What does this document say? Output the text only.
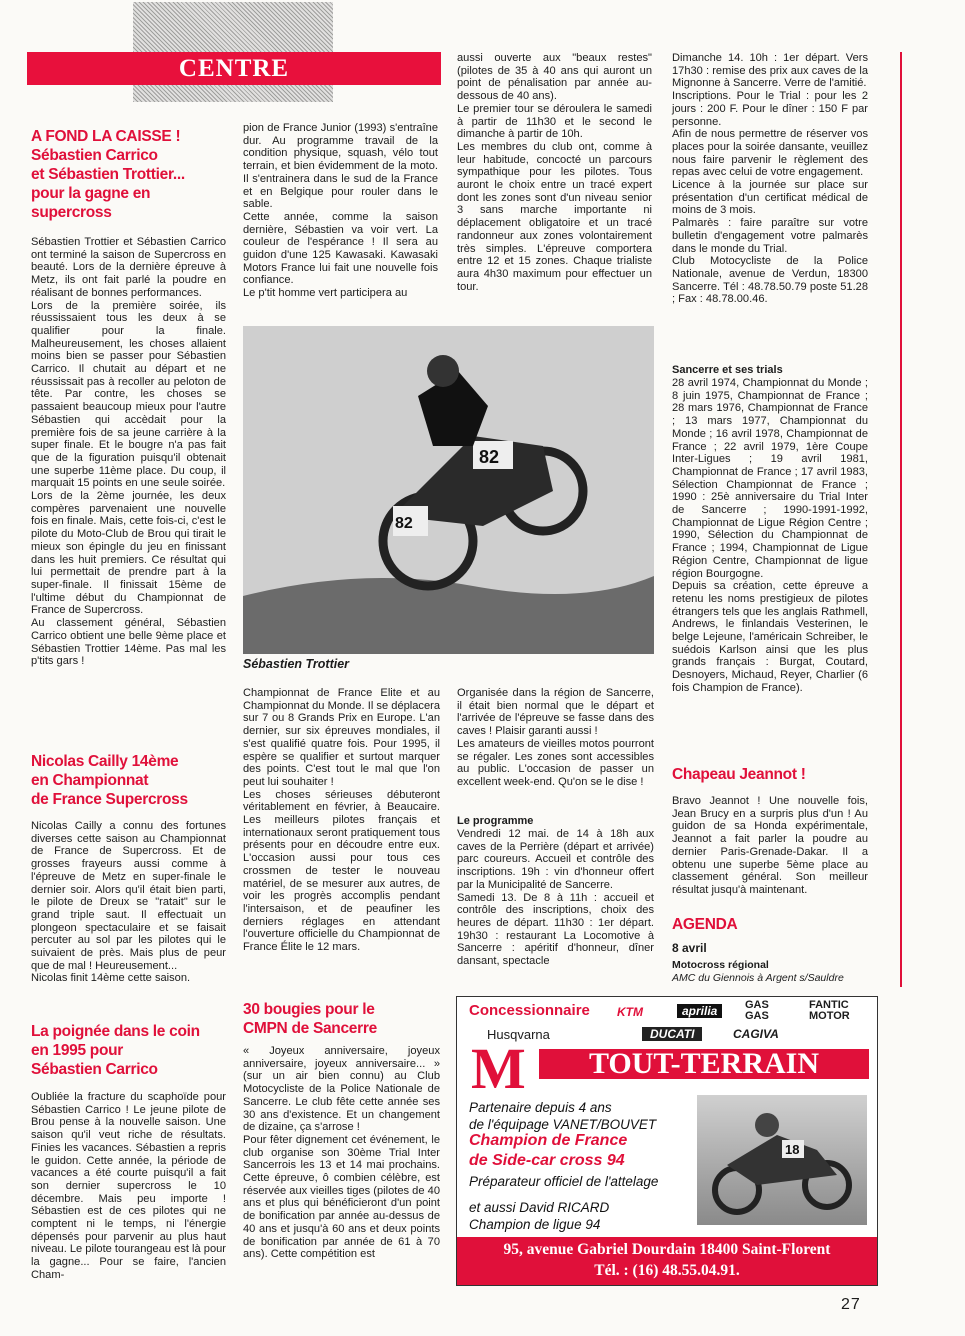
CENTRE
A FOND LA CAISSE !
Sébastien Carrico
et Sébastien Trottier...
pour la gagne en
supercross
Sébastien Trottier et Sébastien Carrico ont terminé la saison de Supercross en beauté. Lors de la dernière épreuve à Metz, ils ont fait parlé la poudre en réalisant de bonnes performances.
Lors de la première soirée, ils réussissaient tous les deux à se qualifier pour la finale. Malheureusement, les choses allaient moins bien se passer pour Sébastien Carrico. Il chutait au départ et ne réussissait pas à recoller au peloton de tête. Par contre, les choses se passaient beaucoup mieux pour l'autre Sébastien qui accèdait pour la première fois de sa jeune carrière à la super finale. Et le bougre n'a pas fait que de la figuration puisqu'il obtenait une superbe 11ème place. Du coup, il marquait 15 points en une seule soirée.
Lors de la 2ème journée, les deux compères parvenaient une nouvelle fois en finale. Mais, cette fois-ci, c'est le pilote du Moto-Club de Brou qui tirait le mieux son épingle du jeu en finissant dans les huit premiers. Ce résultat qui lui permettait de prendre part à la super-finale. Il finissait 15ème de l'ultime début du Championnat de France de Supercross.
Au classement général, Sébastien Carrico obtient une belle 9ème place et Sébastien Trottier 14ème. Pas mal les p'tits gars !
Nicolas Cailly 14ème
en Championnat
de France Supercross
Nicolas Cailly a connu des fortunes diverses cette saison au Championnat de France de Supercross. Et de grosses frayeurs aussi comme à l'épreuve de Metz en super-finale le dernier soir. Alors qu'il était bien parti, le pilote de Dreux se "ratait" sur le grand triple saut. Il effectuait un plongeon spectaculaire et se faisait percuter au sol par les pilotes qui le suivaient de près. Mais plus de peur que de mal ! Heureusement...
Nicolas finit 14ème cette saison.
La poignée dans le coin
en 1995 pour
Sébastien Carrico
Oubliée la fracture du scaphoïde pour Sébastien Carrico ! Le jeune pilote de Brou pense à la nouvelle saison. Une saison qu'il veut riche de résultats. Finies les vacances. Sébastien a repris le guidon. Cette année, la période de vacances a été courte puisqu'il a fait son dernier supercross le 10 décembre. Mais peu importe ! Sébastien est de ces pilotes qui ne comptent ni le temps, ni l'énergie dépensés pour parvenir au plus haut niveau. Le pilote tourangeau est là pour la gagne... Pour se faire, l'ancien Cham-
pion de France Junior (1993) s'entraîne dur. Au programme travail de la condition physique, squash, vélo tout terrain, et bien évidemment de la moto. Il s'entrainera dans le sud de la France et en Belgique pour rouler dans le sable.
Cette année, comme la saison dernière, Sébastien va voir vert. La couleur de l'espérance ! Il sera au guidon d'une 125 Kawasaki. Kawasaki Motors France lui fait une nouvelle fois confiance.
Le p'tit homme vert participera au
aussi ouverte aux "beaux restes" (pilotes de 35 à 40 ans qui auront un point de pénalisation par année au-dessous de 40 ans).
Le premier tour se déroulera le samedi à partir de 11h30 et le second le dimanche à partir de 10h.
Les membres du club ont, comme à leur habitude, concocté un parcours sympathique pour les pilotes. Tous auront le choix entre un tracé expert dont les zones sont d'un niveau senior 3 sans marche importante ni déplacement obligatoire et un tracé randonneur aux zones volontairement très simples. L'épreuve comportera entre 12 et 15 zones. Chaque trialiste aura 4h30 maximum pour effectuer un tour.
82
82
Sébastien Trottier
Championnat de France Elite et au Championnat du Monde. Il se déplacera sur 7 ou 8 Grands Prix en Europe. L'an dernier, sur six épreuves mondiales, il s'est qualifié quatre fois. Pour 1995, il espère se qualifier et surtout marquer des points. C'est tout le mal que l'on peut lui souhaiter !
Les choses sérieuses débuteront véritablement en février, à Beaucaire. Les meilleurs pilotes français et internationaux seront pratiquement tous présents pour en découdre entre eux. L'occasion aussi pour tous ces crossmen de tester le nouveau matériel, de se mesurer aux autres, de voir les progrès accomplis pendant l'intersaison, et de peaufiner les derniers réglages en attendant l'ouverture officielle du Championnat de France Élite le 12 mars.
30 bougies pour le
CMPN de Sancerre
« Joyeux anniversaire, joyeux anniversaire, joyeux anniversaire... » (sur un air bien connu) au Club Motocycliste de la Police Nationale de Sancerre. Le club fête cette année ses 30 ans d'existence. Et un changement de dizaine, ça s'arrose !
Pour fêter dignement cet événement, le club organise son 30ème Trial Inter Sancerrois les 13 et 14 mai prochains. Cette épreuve, ô combien célèbre, est réservée aux vieilles tiges (pilotes de 40 ans et plus qui bénéficieront d'un point de bonification par année au-dessus de 40 ans et jusqu'à 60 ans et deux points de bonification par année de 61 à 70 ans). Cette compétition est
Organisée dans la région de Sancerre, il était bien normal que le départ et l'arrivée de l'épreuve se fasse dans des caves ! Plaisir garanti aussi !
Les amateurs de vieilles motos pourront se régaler. Les zones sont accessibles au public. L'occasion de passer un excellent week-end. Qu'on se le dise !
Le programme
Vendredi 12 mai. de 14 à 18h aux caves de la Perrière (départ et arrivée) parc coureurs. Accueil et contrôle des inscriptions. 19h : vin d'honneur offert par la Municipalité de Sancerre.
Samedi 13. De 8 à 11h : accueil et contrôle des inscriptions, choix des heures de départ. 11h30 : 1er départ. 19h30 : restaurant La Locomotive à Sancerre : apéritif d'honneur, dîner dansant, spectacle
Dimanche 14. 10h : 1er départ. Vers 17h30 : remise des prix aux caves de la Mignonne à Sancerre. Verre de l'amitié.
Inscriptions. Pour le Trial : pour les 2 jours : 200 F. Pour le dîner : 150 F par personne.
Afin de nous permettre de réserver vos places pour la soirée dansante, veuillez nous faire parvenir le règlement des repas avec celui de votre engagement.
Licence à la journée sur place sur présentation d'un certificat médical de moins de 3 mois.
Palmarès : faire paraître sur votre bulletin d'engagement votre palmarès dans le monde du Trial.
Club Motocycliste de la Police Nationale, avenue de Verdun, 18300 Sancerre. Tél : 48.78.50.79 poste 51.28 ; Fax : 48.78.00.46.
Sancerre et ses trials
28 avril 1974, Championnat du Monde ; 8 juin 1975, Championnat de France ; 28 mars 1976, Championnat de France ; 13 mars 1977, Championnat du Monde ; 16 avril 1978, Championnat de France ; 22 avril 1979, 1ère Coupe Inter-Ligues ; 19 avril 1981, Championnat de France ; 17 avril 1983, Sélection Championnat de France ; 1990 : 25è anniversaire du Trial Inter de Sancerre ; 1990-1991-1992, Championnat de Ligue Région Centre ; 1990, Sélection du Championnat de France ; 1994, Championnat de Ligue Région Centre, Championnat de ligue région Bourgogne.
Depuis sa création, cette épreuve a retenu les noms prestigieux de pilotes étrangers tels que les anglais Rathmell, Andrews, le finlandais Vesterinen, le belge Lejeune, l'américain Schreiber, le suédois Karlson ainsi que les plus grands français : Burgat, Coutard, Desnoyers, Michaud, Reyer, Charlier (6 fois Champion de France).
Chapeau Jeannot !
Bravo Jeannot ! Une nouvelle fois, Jean Brucy en a surpris plus d'un ! Au guidon de sa Honda expérimentale, Jeannot a fait parler la poudre au dernier Paris-Grenade-Dakar. Il a obtenu une superbe 5ème place au classement général. Son meilleur résultat jusqu'à maintenant.
AGENDA
8 avril
Motocross régional
AMC du Giennois à Argent s/Sauldre
Concessionnaire KTM	aprilia	GAS GAS
FANTIC MOTOR
Husqvarna	DUCATI	CAGIVA
M	TOUT-TERRAIN
Partenaire depuis 4 ans
de l'équipage VANET/BOUVET
Champion de France
de Side-car cross 94
Préparateur officiel de l'attelage
et aussi David RICARD
Champion de ligue 94
18
95, avenue Gabriel Dourdain 18400 Saint-Florent
Tél. : (16) 48.55.04.91.
27
